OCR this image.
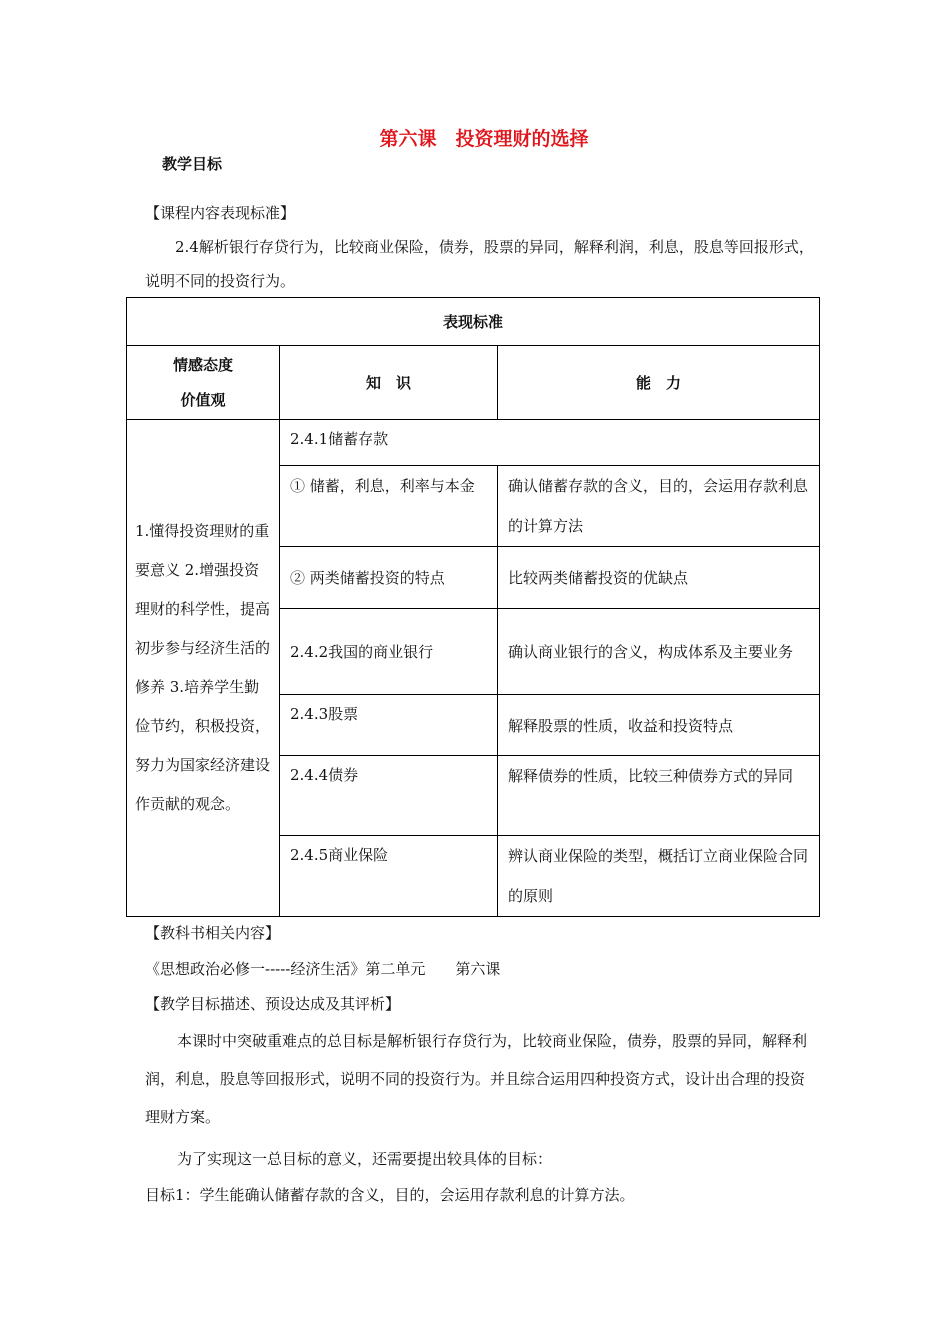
第六课　投资理财的选择
教学目标
【课程内容表现标准】
2.4解析银行存贷行为，比较商业保险，债券，股票的异同，解释利润，利息，股息等回报形式，说明不同的投资行为。
表现标准		

情感态度
价值观	知　识	能　力
1.懂得投资理财的重要意义 2.增强投资理财的科学性，提高初步参与经济生活的修养 3.培养学生勤俭节约，积极投资，努力为国家经济建设作贡献的观念。	2.4.1储蓄存款	
	① 储蓄，利息，利率与本金	确认储蓄存款的含义，目的，会运用存款利息的计算方法
	② 两类储蓄投资的特点	比较两类储蓄投资的优缺点
	2.4.2我国的商业银行	确认商业银行的含义，构成体系及主要业务
	2.4.3股票	解释股票的性质，收益和投资特点
	2.4.4债券	解释债券的性质，比较三种债券方式的异同
	2.4.5商业保险	辨认商业保险的类型，概括订立商业保险合同的原则
【教科书相关内容】
《思想政治必修一-----经济生活》第二单元　　第六课
【教学目标描述、预设达成及其评析】
本课时中突破重难点的总目标是解析银行存贷行为，比较商业保险，债券，股票的异同，解释利润，利息，股息等回报形式，说明不同的投资行为。并且综合运用四种投资方式，设计出合理的投资理财方案。
为了实现这一总目标的意义，还需要提出较具体的目标：
目标1：学生能确认储蓄存款的含义，目的，会运用存款利息的计算方法。
